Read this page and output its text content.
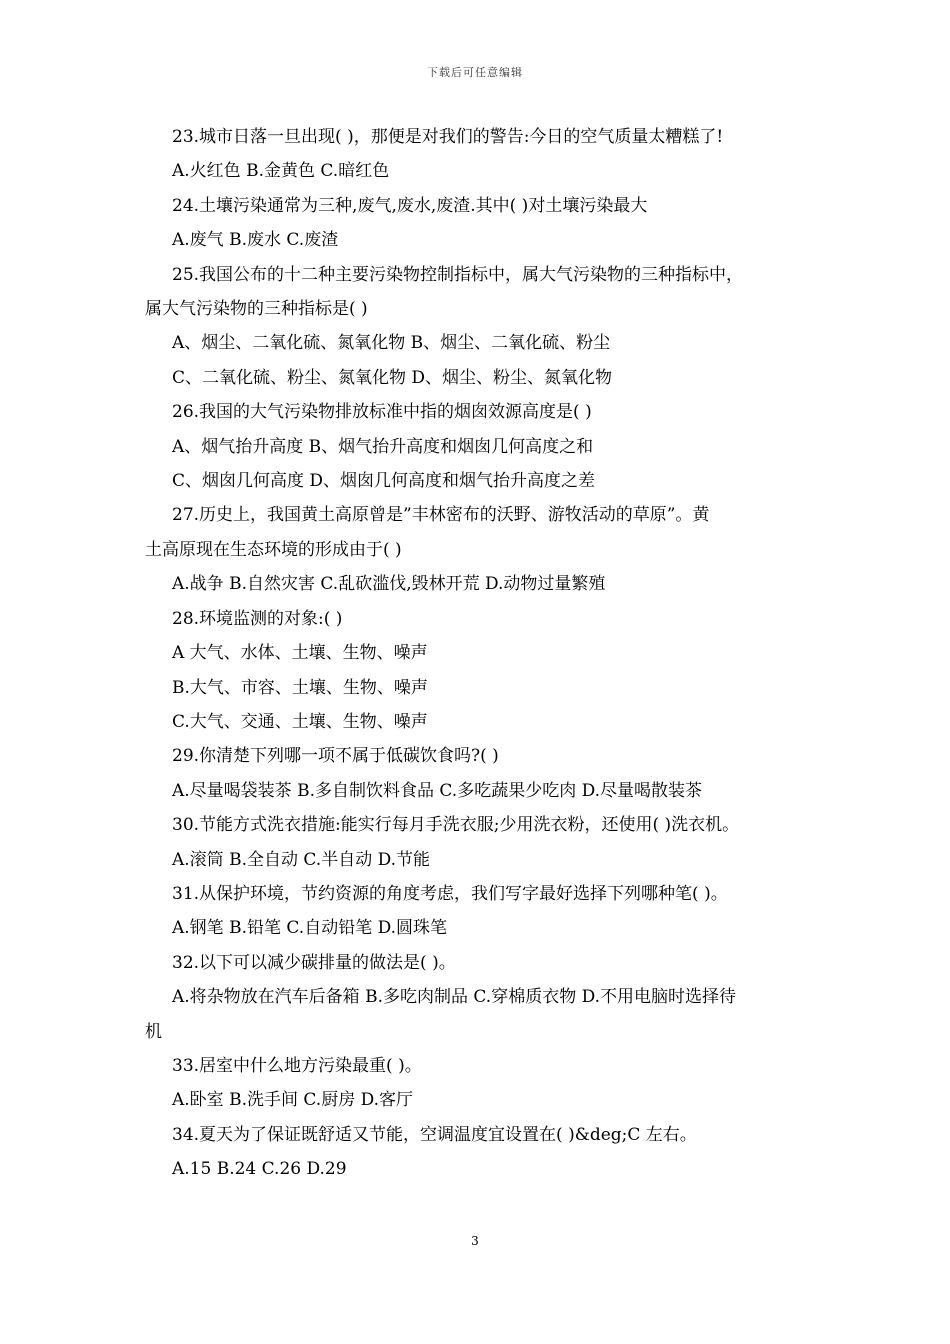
下载后可任意编辑
23.城市日落一旦出现( )，那便是对我们的警告:今日的空气质量太糟糕了!
A.火红色 B.金黄色 C.暗红色
24.土壤污染通常为三种,废气,废水,废渣.其中( )对土壤污染最大
A.废气 B.废水 C.废渣
25.我国公布的十二种主要污染物控制指标中，属大气污染物的三种指标中，
属大气污染物的三种指标是( )
A、烟尘、二氧化硫、氮氧化物 B、烟尘、二氧化硫、粉尘
C、二氧化硫、粉尘、氮氧化物 D、烟尘、粉尘、氮氧化物
26.我国的大气污染物排放标准中指的烟囱效源高度是( )
A、烟气抬升高度 B、烟气抬升高度和烟囱几何高度之和
C、烟囱几何高度 D、烟囱几何高度和烟气抬升高度之差
27.历史上，我国黄土高原曾是”丰林密布的沃野、游牧活动的草原”。黄
土高原现在生态环境的形成由于( )
A.战争 B.自然灾害 C.乱砍滥伐,毁林开荒 D.动物过量繁殖
28.环境监测的对象:( )
A 大气、水体、土壤、生物、噪声
B.大气、市容、土壤、生物、噪声
C.大气、交通、土壤、生物、噪声
29.你清楚下列哪一项不属于低碳饮食吗?( )
A.尽量喝袋装茶 B.多自制饮料食品 C.多吃蔬果少吃肉 D.尽量喝散装茶
30.节能方式洗衣措施:能实行每月手洗衣服;少用洗衣粉，还使用( )洗衣机。
A.滚筒 B.全自动 C.半自动 D.节能
31.从保护环境，节约资源的角度考虑，我们写字最好选择下列哪种笔( )。
A.钢笔 B.铅笔 C.自动铅笔 D.圆珠笔
32.以下可以减少碳排量的做法是( )。
A.将杂物放在汽车后备箱 B.多吃肉制品 C.穿棉质衣物 D.不用电脑时选择待
机
33.居室中什么地方污染最重( )。
A.卧室 B.洗手间 C.厨房 D.客厅
34.夏天为了保证既舒适又节能，空调温度宜设置在( )&deg;C 左右。
A.15 B.24 C.26 D.29
3
